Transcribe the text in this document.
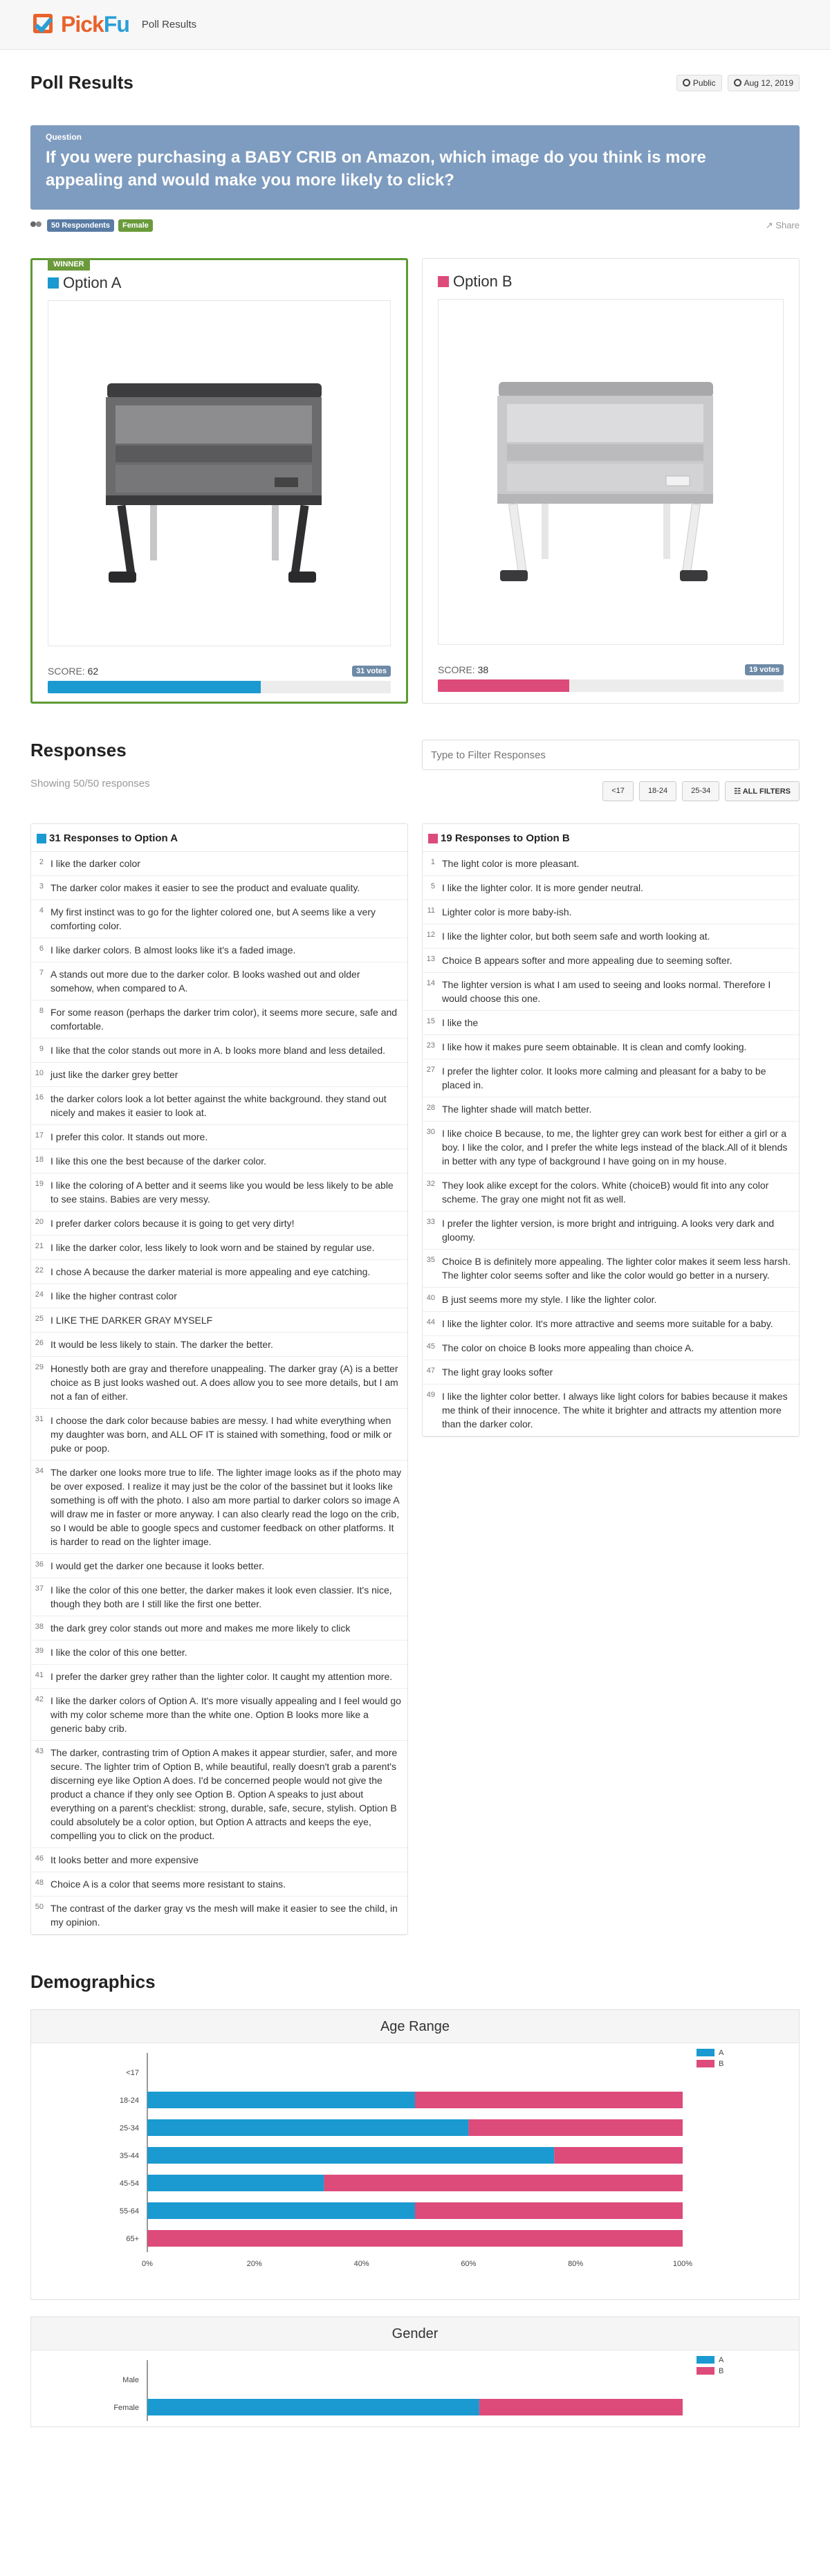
PickFu Poll Results
Poll Results	Public	Aug 12, 2019
Question
If you were purchasing a BABY CRIB on Amazon, which image do you think is more appealing and would make you more likely to click?
50 Respondents	Female	↗ Share
WINNER
Option A
SCORE: 62	31 votes
Option B
SCORE: 38	19 votes
Responses
Showing 50/50 responses
Type to Filter Responses
<17	18-24	25-34	☷ ALL FILTERS
31 Responses to Option A
2 I like the darker color
3 The darker color makes it easier to see the product and evaluate quality.
4 My first instinct was to go for the lighter colored one, but A seems like a very comforting color.
6 I like darker colors. B almost looks like it's a faded image.
7 A stands out more due to the darker color. B looks washed out and older somehow, when compared to A.
8 For some reason (perhaps the darker trim color), it seems more secure, safe and comfortable.
9 I like that the color stands out more in A. b looks more bland and less detailed.
10 just like the darker grey better
16 the darker colors look a lot better against the white background. they stand out nicely and makes it easier to look at.
17 I prefer this color. It stands out more.
18 I like this one the best because of the darker color.
19 I like the coloring of A better and it seems like you would be less likely to be able to see stains. Babies are very messy.
20 I prefer darker colors because it is going to get very dirty!
21 I like the darker color, less likely to look worn and be stained by regular use.
22 I chose A because the darker material is more appealing and eye catching.
24 I like the higher contrast color
25 I LIKE THE DARKER GRAY MYSELF
26 It would be less likely to stain. The darker the better.
29 Honestly both are gray and therefore unappealing. The darker gray (A) is a better choice as B just looks washed out. A does allow you to see more details, but I am not a fan of either.
31 I choose the dark color because babies are messy. I had white everything when my daughter was born, and ALL OF IT is stained with something, food or milk or puke or poop.
34 The darker one looks more true to life. The lighter image looks as if the photo may be over exposed. I realize it may just be the color of the bassinet but it looks like something is off with the photo. I also am more partial to darker colors so image A will draw me in faster or more anyway. I can also clearly read the logo on the crib, so I would be able to google specs and customer feedback on other platforms. It is harder to read on the lighter image.
36 I would get the darker one because it looks better.
37 I like the color of this one better, the darker makes it look even classier. It's nice, though they both are I still like the first one better.
38 the dark grey color stands out more and makes me more likely to click
39 I like the color of this one better.
41 I prefer the darker grey rather than the lighter color. It caught my attention more.
42 I like the darker colors of Option A. It's more visually appealing and I feel would go with my color scheme more than the white one. Option B looks more like a generic baby crib.
43 The darker, contrasting trim of Option A makes it appear sturdier, safer, and more secure. The lighter trim of Option B, while beautiful, really doesn't grab a parent's discerning eye like Option A does. I'd be concerned people would not give the product a chance if they only see Option B. Option A speaks to just about everything on a parent's checklist: strong, durable, safe, secure, stylish. Option B could absolutely be a color option, but Option A attracts and keeps the eye, compelling you to click on the product.
46 It looks better and more expensive
48 Choice A is a color that seems more resistant to stains.
50 The contrast of the darker gray vs the mesh will make it easier to see the child, in my opinion.
19 Responses to Option B
1 The light color is more pleasant.
5 I like the lighter color. It is more gender neutral.
11 Lighter color is more baby-ish.
12 I like the lighter color, but both seem safe and worth looking at.
13 Choice B appears softer and more appealing due to seeming softer.
14 The lighter version is what I am used to seeing and looks normal. Therefore I would choose this one.
15 I like the
23 I like how it makes pure seem obtainable. It is clean and comfy looking.
27 I prefer the lighter color. It looks more calming and pleasant for a baby to be placed in.
28 The lighter shade will match better.
30 I like choice B because, to me, the lighter grey can work best for either a girl or a boy. I like the color, and I prefer the white legs instead of the black.All of it blends in better with any type of background I have going on in my house.
32 They look alike except for the colors. White (choiceB) would fit into any color scheme. The gray one might not fit as well.
33 I prefer the lighter version, is more bright and intriguing. A looks very dark and gloomy.
35 Choice B is definitely more appealing. The lighter color makes it seem less harsh. The lighter color seems softer and like the color would go better in a nursery.
40 B just seems more my style. I like the lighter color.
44 I like the lighter color. It's more attractive and seems more suitable for a baby.
45 The color on choice B looks more appealing than choice A.
47 The light gray looks softer
49 I like the lighter color better. I always like light colors for babies because it makes me think of their innocence. The white it brighter and attracts my attention more than the darker color.
Demographics
Age Range
<17
18-24
25-34
35-44
45-54
55-64
65+
0%	20%	40%	60%	80%	100%
A
B
Gender
Male
Female
A
B
